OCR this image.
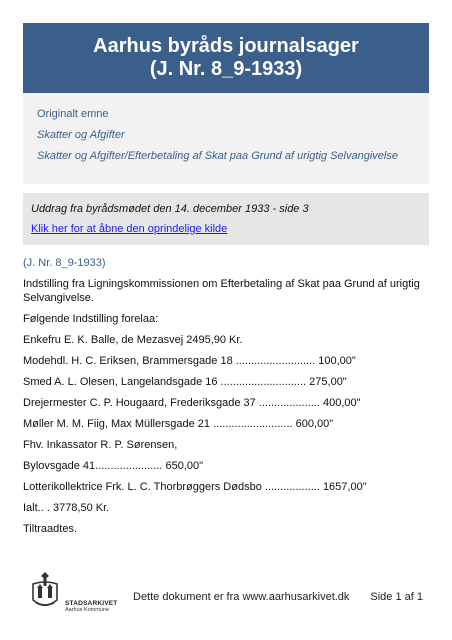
Aarhus byråds journalsager
(J. Nr. 8_9-1933)
Originalt emne
Skatter og Afgifter
Skatter og Afgifter/Efterbetaling af Skat paa Grund af urigtig Selvangivelse
Uddrag fra byrådsmødet den 14. december 1933 - side 3
Klik her for at åbne den oprindelige kilde
(J. Nr. 8_9-1933)

Indstilling fra Ligningskommissionen om Efterbetaling af Skat paa Grund af urigtig Selvangivelse.

Følgende Indstilling forelaa:

Enkefru E. K. Balle, de Mezasvej 2495,90 Kr.

Modehdl. H. C. Eriksen, Brammersgade 18 .......................... 100,00"

Smed A. L. Olesen, Langelandsgade 16 ............................ 275,00"

Drejermester C. P. Hougaard, Frederiksgade 37 .................... 400,00"

Møller M. M. Fiig, Max Müllersgade 21 .......................... 600,00"

Fhv. Inkassator R. P. Sørensen,

Bylovsgade 41...................... 650,00"

Lotterikollektrice Frk. L. C. Thorbrøggers Dødsbo .................. 1657,00"

Ialt.. . 3778,50 Kr.

Tiltraadtes.

STADSARKIVET
Aarhus Kommune
Dette dokument er fra www.aarhusarkivet.dk Side 1 af 1
